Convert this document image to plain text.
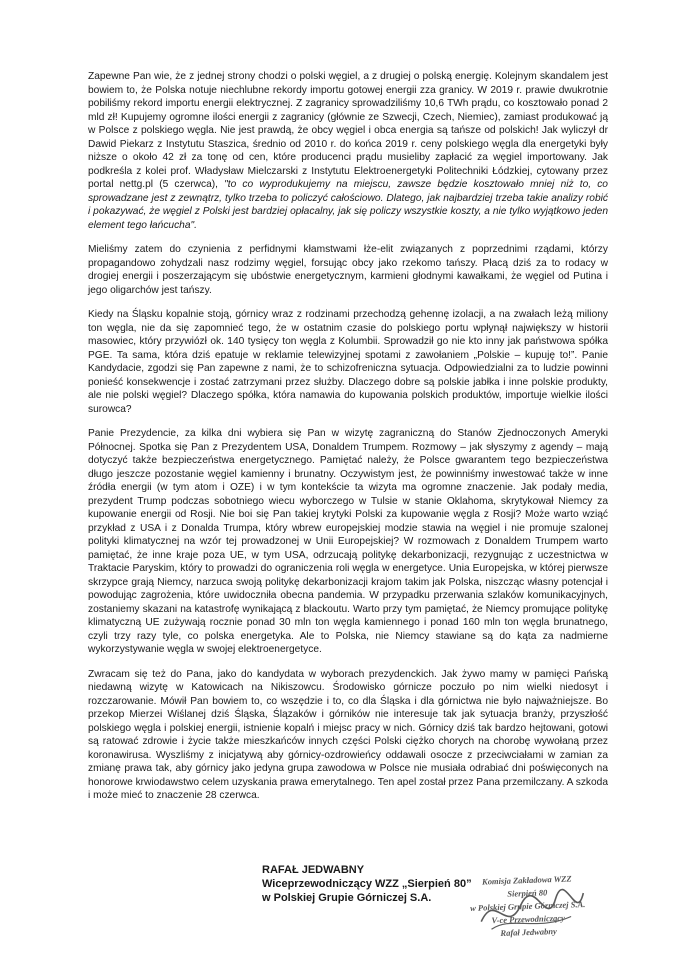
Zapewne Pan wie, że z jednej strony chodzi o polski węgiel, a z drugiej o polską energię. Kolejnym skandalem jest bowiem to, że Polska notuje niechlubne rekordy importu gotowej energii zza granicy. W 2019 r. prawie dwukrotnie pobiliśmy rekord importu energii elektrycznej. Z zagranicy sprowadziliśmy 10,6 TWh prądu, co kosztowało ponad 2 mld zł! Kupujemy ogromne ilości energii z zagranicy (głównie ze Szwecji, Czech, Niemiec), zamiast produkować ją w Polsce z polskiego węgla. Nie jest prawdą, że obcy węgiel i obca energia są tańsze od polskich! Jak wyliczył dr Dawid Piekarz z Instytutu Staszica, średnio od 2010 r. do końca 2019 r. ceny polskiego węgla dla energetyki były niższe o około 42 zł za tonę od cen, które producenci prądu musieliby zapłacić za węgiel importowany. Jak podkreśla z kolei prof. Władysław Mielczarski z Instytutu Elektroenergetyki Politechniki Łódzkiej, cytowany przez portal nettg.pl (5 czerwca), "to co wyprodukujemy na miejscu, zawsze będzie kosztowało mniej niż to, co sprowadzane jest z zewnątrz, tylko trzeba to policzyć całościowo. Dlatego, jak najbardziej trzeba takie analizy robić i pokazywać, że węgiel z Polski jest bardziej opłacalny, jak się policzy wszystkie koszty, a nie tylko wyjątkowo jeden element tego łańcucha".

Mieliśmy zatem do czynienia z perfidnymi kłamstwami łże-elit związanych z poprzednimi rządami, którzy propagandowo zohydzali nasz rodzimy węgiel, forsując obcy jako rzekomo tańszy. Płacą dziś za to rodacy w drogiej energii i poszerzającym się ubóstwie energetycznym, karmieni głodnymi kawałkami, że węgiel od Putina i jego oligarchów jest tańszy.

Kiedy na Śląsku kopalnie stoją, górnicy wraz z rodzinami przechodzą gehennę izolacji, a na zwałach leżą miliony ton węgla, nie da się zapomnieć tego, że w ostatnim czasie do polskiego portu wpłynął największy w historii masowiec, który przywiózł ok. 140 tysięcy ton węgla z Kolumbii. Sprowadził go nie kto inny jak państwowa spółka PGE. Ta sama, która dziś epatuje w reklamie telewizyjnej spotami z zawołaniem „Polskie – kupuję to!”. Panie Kandydacie, zgodzi się Pan zapewne z nami, że to schizofreniczna sytuacja. Odpowiedzialni za to ludzie powinni ponieść konsekwencje i zostać zatrzymani przez służby. Dlaczego dobre są polskie jabłka i inne polskie produkty, ale nie polski węgiel? Dlaczego spółka, która namawia do kupowania polskich produktów, importuje wielkie ilości surowca?

Panie Prezydencie, za kilka dni wybiera się Pan w wizytę zagraniczną do Stanów Zjednoczonych Ameryki Północnej. Spotka się Pan z Prezydentem USA, Donaldem Trumpem. Rozmowy – jak słyszymy z agendy – mają dotyczyć także bezpieczeństwa energetycznego. Pamiętać należy, że Polsce gwarantem tego bezpieczeństwa długo jeszcze pozostanie węgiel kamienny i brunatny. Oczywistym jest, że powinniśmy inwestować także w inne źródła energii (w tym atom i OZE) i w tym kontekście ta wizyta ma ogromne znaczenie. Jak podały media, prezydent Trump podczas sobotniego wiecu wyborczego w Tulsie w stanie Oklahoma, skrytykował Niemcy za kupowanie energii od Rosji. Nie boi się Pan takiej krytyki Polski za kupowanie węgla z Rosji? Może warto wziąć przykład z USA i z Donalda Trumpa, który wbrew europejskiej modzie stawia na węgiel i nie promuje szalonej polityki klimatycznej na wzór tej prowadzonej w Unii Europejskiej? W rozmowach z Donaldem Trumpem warto pamiętać, że inne kraje poza UE, w tym USA, odrzucają politykę dekarbonizacji, rezygnując z uczestnictwa w Traktacie Paryskim, który to prowadzi do ograniczenia roli węgla w energetyce. Unia Europejska, w której pierwsze skrzypce grają Niemcy, narzuca swoją politykę dekarbonizacji krajom takim jak Polska, niszcząc własny potencjał i powodując zagrożenia, które uwidoczniła obecna pandemia. W przypadku przerwania szlaków komunikacyjnych, zostaniemy skazani na katastrofę wynikającą z blackoutu. Warto przy tym pamiętać, że Niemcy promujące politykę klimatyczną UE zużywają rocznie ponad 30 mln ton węgla kamiennego i ponad 160 mln ton węgla brunatnego, czyli trzy razy tyle, co polska energetyka. Ale to Polska, nie Niemcy stawiane są do kąta za nadmierne wykorzystywanie węgla w swojej elektroenergetyce.

Zwracam się też do Pana, jako do kandydata w wyborach prezydenckich. Jak żywo mamy w pamięci Pańską niedawną wizytę w Katowicach na Nikiszowcu. Środowisko górnicze poczuło po nim wielki niedosyt i rozczarowanie. Mówił Pan bowiem to, co wszędzie i to, co dla Śląska i dla górnictwa nie było najważniejsze. Bo przekop Mierzei Wiślanej dziś Śląska, Ślązaków i górników nie interesuje tak jak sytuacja branży, przyszłość polskiego węgla i polskiej energii, istnienie kopalń i miejsc pracy w nich. Górnicy dziś tak bardzo hejtowani, gotowi są ratować zdrowie i życie także mieszkańców innych części Polski ciężko chorych na chorobę wywołaną przez koronawirusa. Wyszliśmy z inicjatywą aby górnicy-ozdrowieńcy oddawali osocze z przeciwciałami w zamian za zmianę prawa tak, aby górnicy jako jedyna grupa zawodowa w Polsce nie musiała odrabiać dni poświęconych na honorowe krwiodawstwo celem uzyskania prawa emerytalnego. Ten apel został przez Pana przemilczany. A szkoda i może mieć to znaczenie 28 czerwca.

RAFAŁ JEDWABNY
Wiceprzewodniczący WZZ „Sierpień 80”
w Polskiej Grupie Górniczej S.A.
Komisja Zakładowa WZZ
Sierpień 80
w Polskiej Grupie Górniczej S.A.
V-ce Przewodniczący
Rafał Jedwabny
